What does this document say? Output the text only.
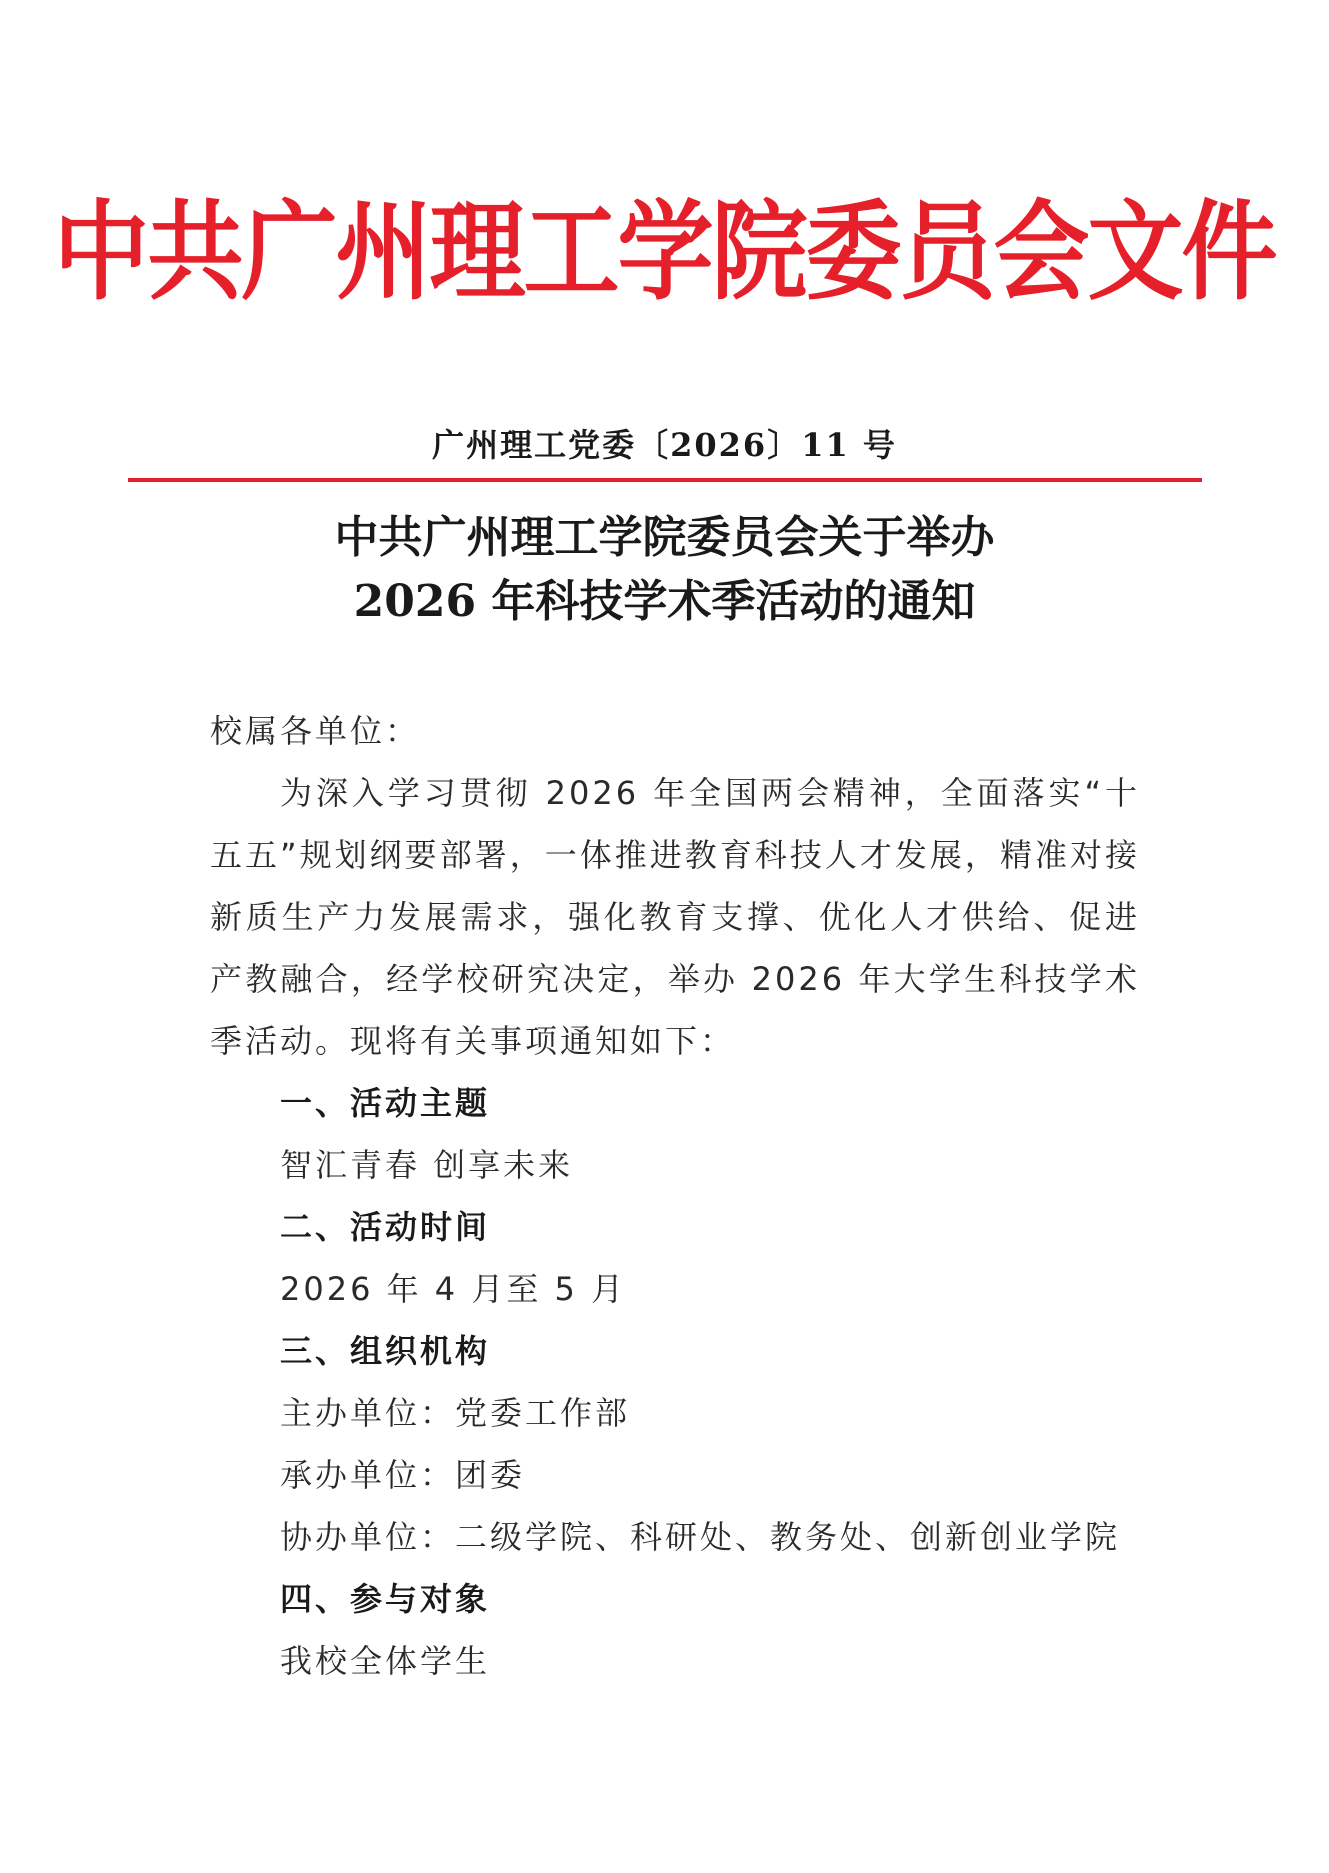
中共广州理工学院委员会文件
广州理工党委〔2026〕11 号
中共广州理工学院委员会关于举办
2026 年科技学术季活动的通知

校属各单位：

为深入学习贯彻 2026 年全国两会精神，全面落实“十五五”规划纲要部署，一体推进教育科技人才发展，精准对接新质生产力发展需求，强化教育支撑、优化人才供给、促进产教融合，经学校研究决定，举办 2026 年大学生科技学术季活动。现将有关事项通知如下：

一、活动主题

智汇青春 创享未来

二、活动时间

2026 年 4 月至 5 月

三、组织机构

主办单位：党委工作部

承办单位：团委

协办单位：二级学院、科研处、教务处、创新创业学院

四、参与对象

我校全体学生
